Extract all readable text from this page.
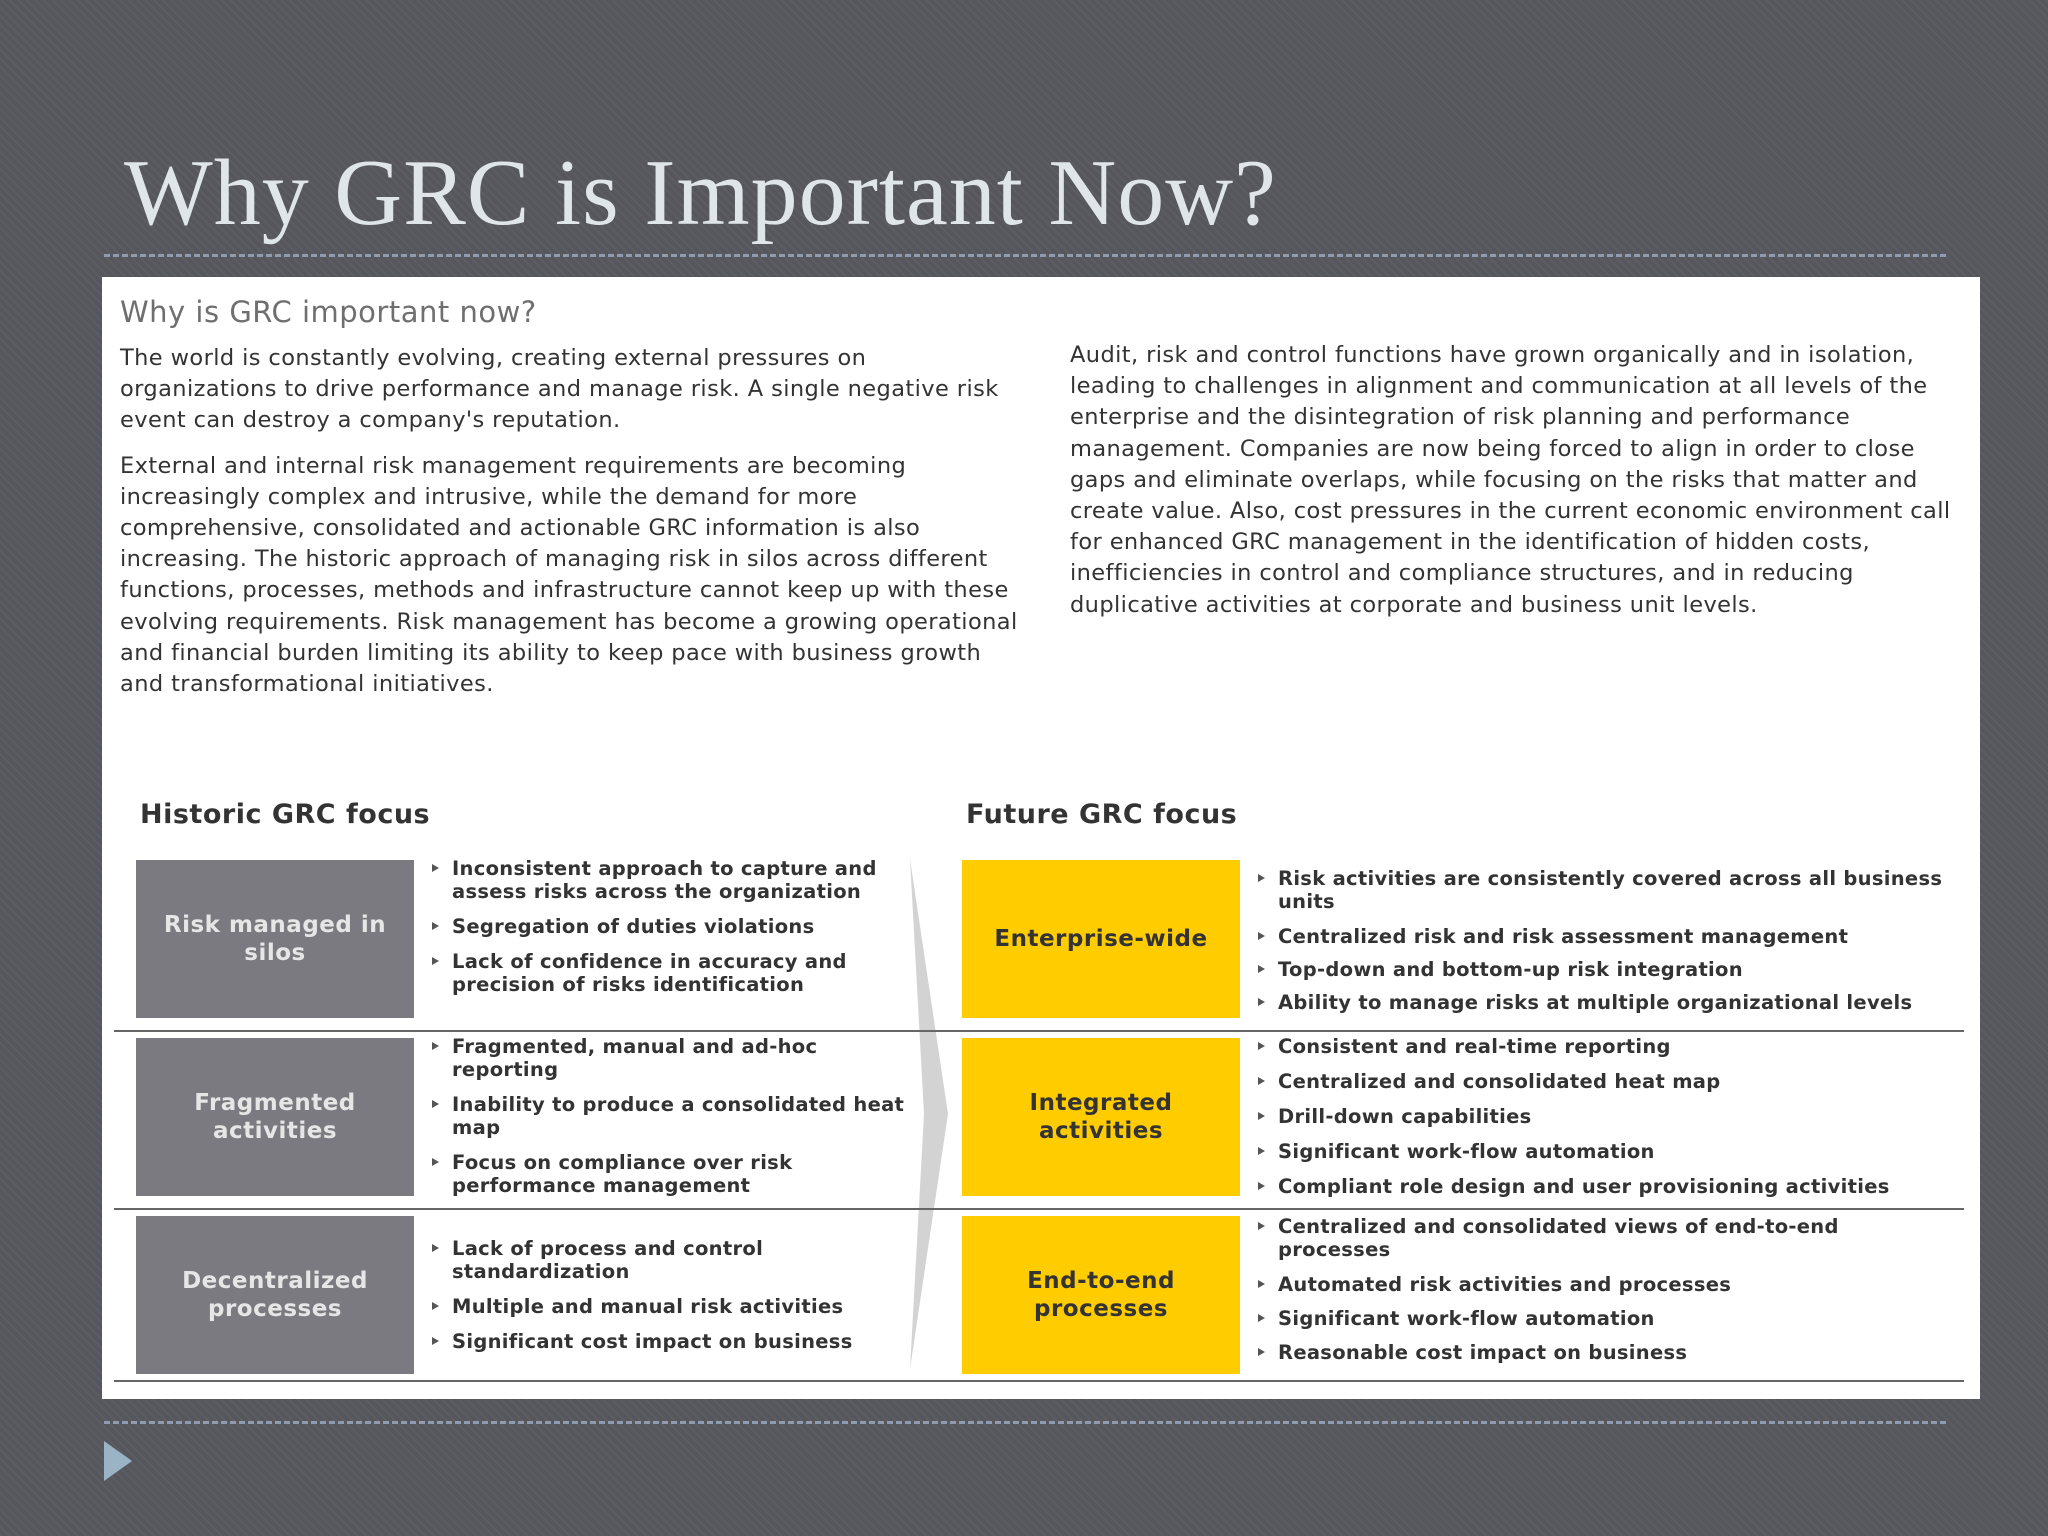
Why GRC is Important Now?
Why is GRC important now?

The world is constantly evolving, creating external pressures on organizations to drive performance and manage risk. A single negative risk event can destroy a company's reputation.

External and internal risk management requirements are becoming increasingly complex and intrusive, while the demand for more comprehensive, consolidated and actionable GRC information is also increasing. The historic approach of managing risk in silos across different functions, processes, methods and infrastructure cannot keep up with these evolving requirements. Risk management has become a growing operational and financial burden limiting its ability to keep pace with business growth and transformational initiatives.

Audit, risk and control functions have grown organically and in isolation, leading to challenges in alignment and communication at all levels of the enterprise and the disintegration of risk planning and performance management. Companies are now being forced to align in order to close gaps and eliminate overlaps, while focusing on the risks that matter and create value. Also, cost pressures in the current economic environment call for enhanced GRC management in the identification of hidden costs, inefficiencies in control and compliance structures, and in reducing duplicative activities at corporate and business unit levels.

Historic GRC focus	Future GRC focus
Risk managed in silos
Inconsistent approach to capture and assess risks across the organization
Segregation of duties violations
Lack of confidence in accuracy and precision of risks identification
Enterprise-wide
Risk activities are consistently covered across all business units
Centralized risk and risk assessment management
Top-down and bottom-up risk integration
Ability to manage risks at multiple organizational levels
Fragmented activities
Fragmented, manual and ad-hoc reporting
Inability to produce a consolidated heat map
Focus on compliance over risk performance management
Integrated activities
Consistent and real-time reporting
Centralized and consolidated heat map
Drill-down capabilities
Significant work-flow automation
Compliant role design and user provisioning activities
Decentralized processes
Lack of process and control standardization
Multiple and manual risk activities
Significant cost impact on business
End-to-end processes
Centralized and consolidated views of end-to-end processes
Automated risk activities and processes
Significant work-flow automation
Reasonable cost impact on business
